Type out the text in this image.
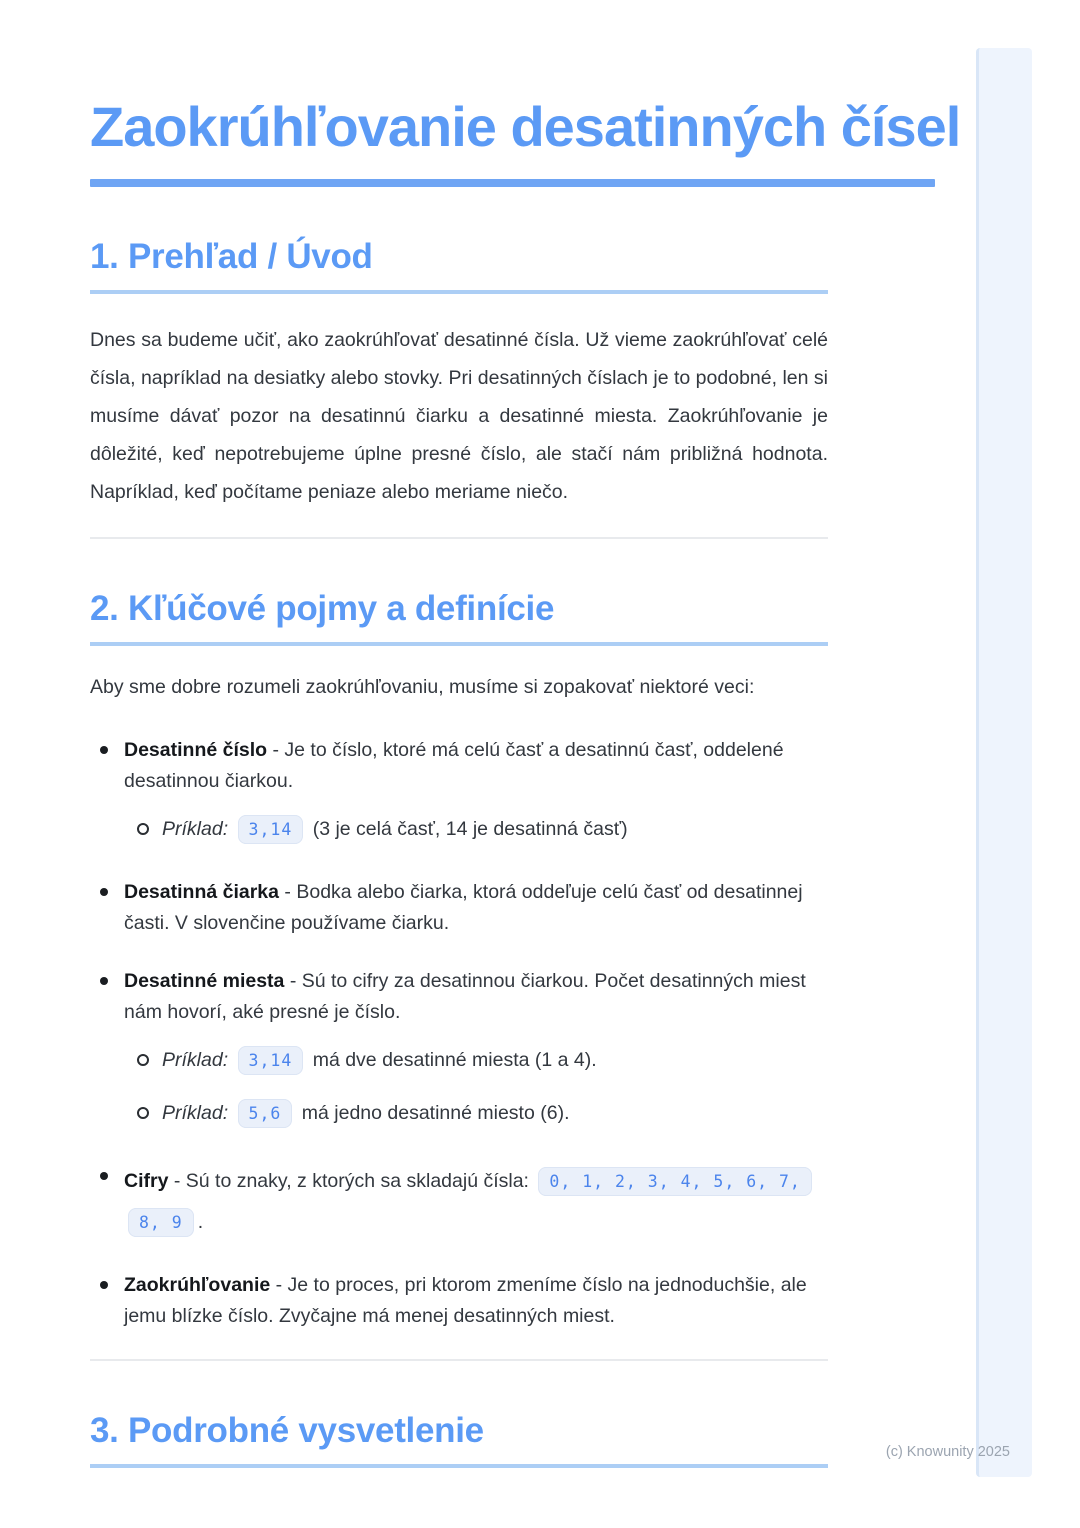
Zaokrúhľovanie desatinných čísel
1. Prehľad / Úvod

Dnes sa budeme učiť, ako zaokrúhľovať desatinné čísla. Už vieme zaokrúhľovať celé čísla, napríklad na desiatky alebo stovky. Pri desatinných číslach je to podobné, len si musíme dávať pozor na desatinnú čiarku a desatinné miesta. Zaokrúhľovanie je dôležité, keď nepotrebujeme úplne presné číslo, ale stačí nám približná hodnota. Napríklad, keď počítame peniaze alebo meriame niečo.

2. Kľúčové pojmy a definície

Aby sme dobre rozumeli zaokrúhľovaniu, musíme si zopakovať niektoré veci:

Desatinné číslo - Je to číslo, ktoré má celú časť a desatinnú časť, oddelené desatinnou čiarkou.
Príklad: 3,14 (3 je celá časť, 14 je desatinná časť)
Desatinná čiarka - Bodka alebo čiarka, ktorá oddeľuje celú časť od desatinnej časti. V slovenčine používame čiarku.
Desatinné miesta - Sú to cifry za desatinnou čiarkou. Počet desatinných miest nám hovorí, aké presné je číslo.
Príklad: 3,14 má dve desatinné miesta (1 a 4).
Príklad: 5,6 má jedno desatinné miesto (6).
Cifry - Sú to znaky, z ktorých sa skladajú čísla: 0, 1, 2, 3, 4, 5, 6, 7, 8, 9 .
Zaokrúhľovanie - Je to proces, pri ktorom zmeníme číslo na jednoduchšie, ale jemu blízke číslo. Zvyčajne má menej desatinných miest.
3. Podrobné vysvetlenie
(c) Knowunity 2025
